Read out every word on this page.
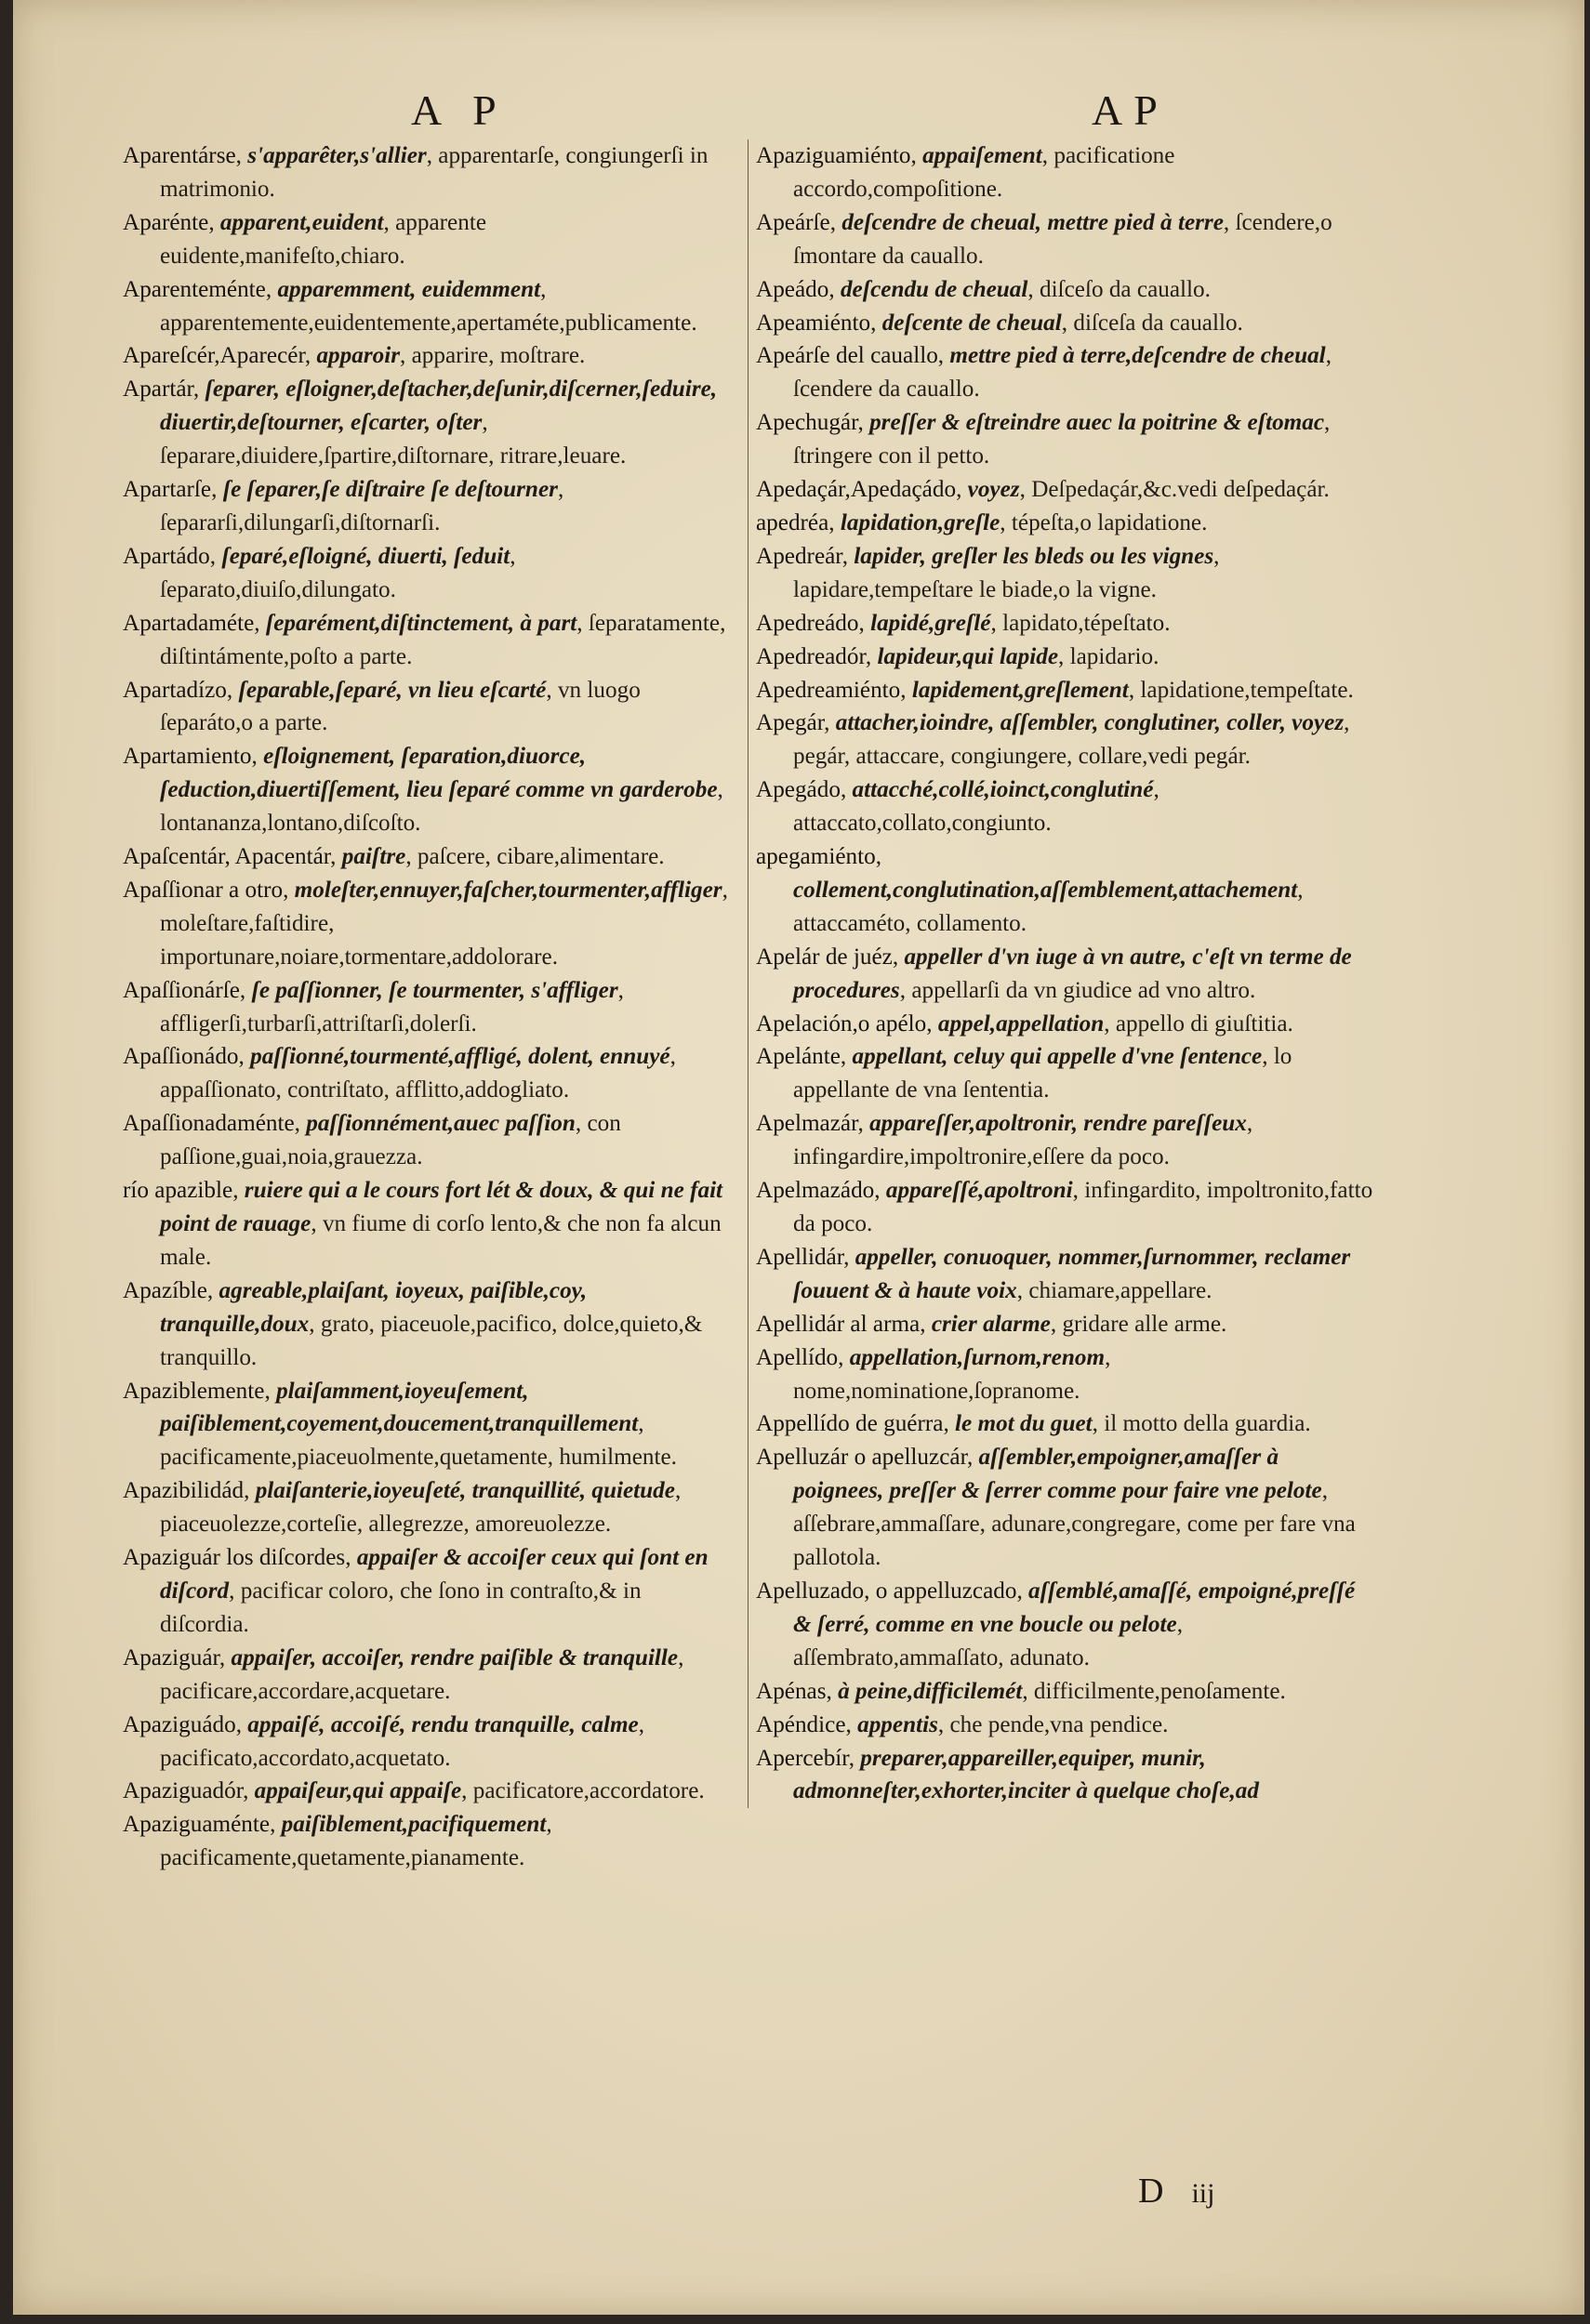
A P	AP

Aparentárse, s'apparêter,s'allier, apparentarſe, congiungerſi in matrimonio.

Aparénte, apparent,euident, apparente euidente,manifeſto,chiaro.

Aparenteménte, apparemment, euidemment, apparentemente,euidentemente,apertaméte,publicamente.

Apareſcér,Aparecér, apparoir, apparire, moſtrare.

Apartár, ſeparer, eſloigner,deſtacher,deſunir,diſcerner,ſeduire, diuertir,deſtourner, eſcarter, oſter, ſeparare,diuidere,ſpartire,diſtornare, ritrare,leuare.

Apartarſe, ſe ſeparer,ſe diſtraire ſe deſtourner, ſepararſi,dilungarſi,diſtornarſi.

Apartádo, ſeparé,eſloigné, diuerti, ſeduit, ſeparato,diuiſo,dilungato.

Apartadaméte, ſeparément,diſtinctement, à part, ſeparatamente, diſtintámente,poſto a parte.

Apartadízo, ſeparable,ſeparé, vn lieu eſcarté, vn luogo ſeparáto,o a parte.

Apartamiento, eſloignement, ſeparation,diuorce, ſeduction,diuertiſſement, lieu ſeparé comme vn garderobe, lontananza,lontano,diſcoſto.

Apaſcentár, Apacentár, paiſtre, paſcere, cibare,alimentare.

Apaſſionar a otro, moleſter,ennuyer,faſcher,tourmenter,affliger, moleſtare,faſtidire, importunare,noiare,tormentare,addolorare.

Apaſſionárſe, ſe paſſionner, ſe tourmenter, s'affliger, affligerſi,turbarſi,attriſtarſi,dolerſi.

Apaſſionádo, paſſionné,tourmenté,affligé, dolent, ennuyé, appaſſionato, contriſtato, afflitto,addogliato.

Apaſſionadaménte, paſſionnément,auec paſſion, con paſſione,guai,noia,grauezza.

río apazible, ruiere qui a le cours fort lét & doux, & qui ne fait point de rauage, vn fiume di corſo lento,& che non fa alcun male.

Apazíble, agreable,plaiſant, ioyeux, paiſible,coy, tranquille,doux, grato, piaceuole,pacifico, dolce,quieto,& tranquillo.

Apaziblemente, plaiſamment,ioyeuſement, paiſiblement,coyement,doucement,tranquillement, pacificamente,piaceuolmente,quetamente, humilmente.

Apazibilidád, plaiſanterie,ioyeuſeté, tranquillité, quietude, piaceuolezze,corteſie, allegrezze, amoreuolezze.

Apaziguár los diſcordes, appaiſer & accoiſer ceux qui ſont en diſcord, pacificar coloro, che ſono in contraſto,& in diſcordia.

Apaziguár, appaiſer, accoiſer, rendre paiſible & tranquille, pacificare,accordare,acquetare.

Apaziguádo, appaiſé, accoiſé, rendu tranquille, calme, pacificato,accordato,acquetato.

Apaziguadór, appaiſeur,qui appaiſe, pacificatore,accordatore.

Apaziguaménte, paiſiblement,pacifiquement, pacificamente,quetamente,pianamente.

Apaziguamiénto, appaiſement, pacificatione accordo,compoſitione.

Apeárſe, deſcendre de cheual, mettre pied à terre, ſcendere,o ſmontare da cauallo.

Apeádo, deſcendu de cheual, diſceſo da cauallo.

Apeamiénto, deſcente de cheual, diſceſa da cauallo.

Apeárſe del cauallo, mettre pied à terre,deſcendre de cheual, ſcendere da cauallo.

Apechugár, preſſer & eſtreindre auec la poitrine & eſtomac, ſtringere con il petto.

Apedaçár,Apedaçádo, voyez, Deſpedaçár,&c.vedi deſpedaçár.

apedréa, lapidation,greſle, tépeſta,o lapidatione.

Apedreár, lapider, greſler les bleds ou les vignes, lapidare,tempeſtare le biade,o la vigne.

Apedreádo, lapidé,greſlé, lapidato,tépeſtato.

Apedreadór, lapideur,qui lapide, lapidario.

Apedreamiénto, lapidement,greſlement, lapidatione,tempeſtate.

Apegár, attacher,ioindre, aſſembler, conglutiner, coller, voyez, pegár, attaccare, congiungere, collare,vedi pegár.

Apegádo, attacché,collé,ioinct,conglutiné, attaccato,collato,congiunto.

apegamiénto, collement,conglutination,aſſemblement,attachement, attaccaméto, collamento.

Apelár de juéz, appeller d'vn iuge à vn autre, c'eſt vn terme de procedures, appellarſi da vn giudice ad vno altro.

Apelación,o apélo, appel,appellation, appello di giuſtitia.

Apelánte, appellant, celuy qui appelle d'vne ſentence, lo appellante de vna ſententia.

Apelmazár, appareſſer,apoltronir, rendre pareſſeux, infingardire,impoltronire,eſſere da poco.

Apelmazádo, appareſſé,apoltroni, infingardito, impoltronito,fatto da poco.

Apellidár, appeller, conuoquer, nommer,ſurnommer, reclamer ſouuent & à haute voix, chiamare,appellare.

Apellidár al arma, crier alarme, gridare alle arme.

Apellído, appellation,ſurnom,renom, nome,nominatione,ſopranome.

Appellído de guérra, le mot du guet, il motto della guardia.

Apelluzár o apelluzcár, aſſembler,empoigner,amaſſer à poignees, preſſer & ſerrer comme pour faire vne pelote, aſſebrare,ammaſſare, adunare,congregare, come per fare vna pallotola.

Apelluzado, o appelluzcado, aſſemblé,amaſſé, empoigné,preſſé & ſerré, comme en vne boucle ou pelote, aſſembrato,ammaſſato, adunato.

Apénas, à peine,difficilemét, difficilmente,penoſamente.

Apéndice, appentis, che pende,vna pendice.

Apercebír, preparer,appareiller,equiper, munir, admonneſter,exhorter,inciter à quelque choſe,ad

D iij
